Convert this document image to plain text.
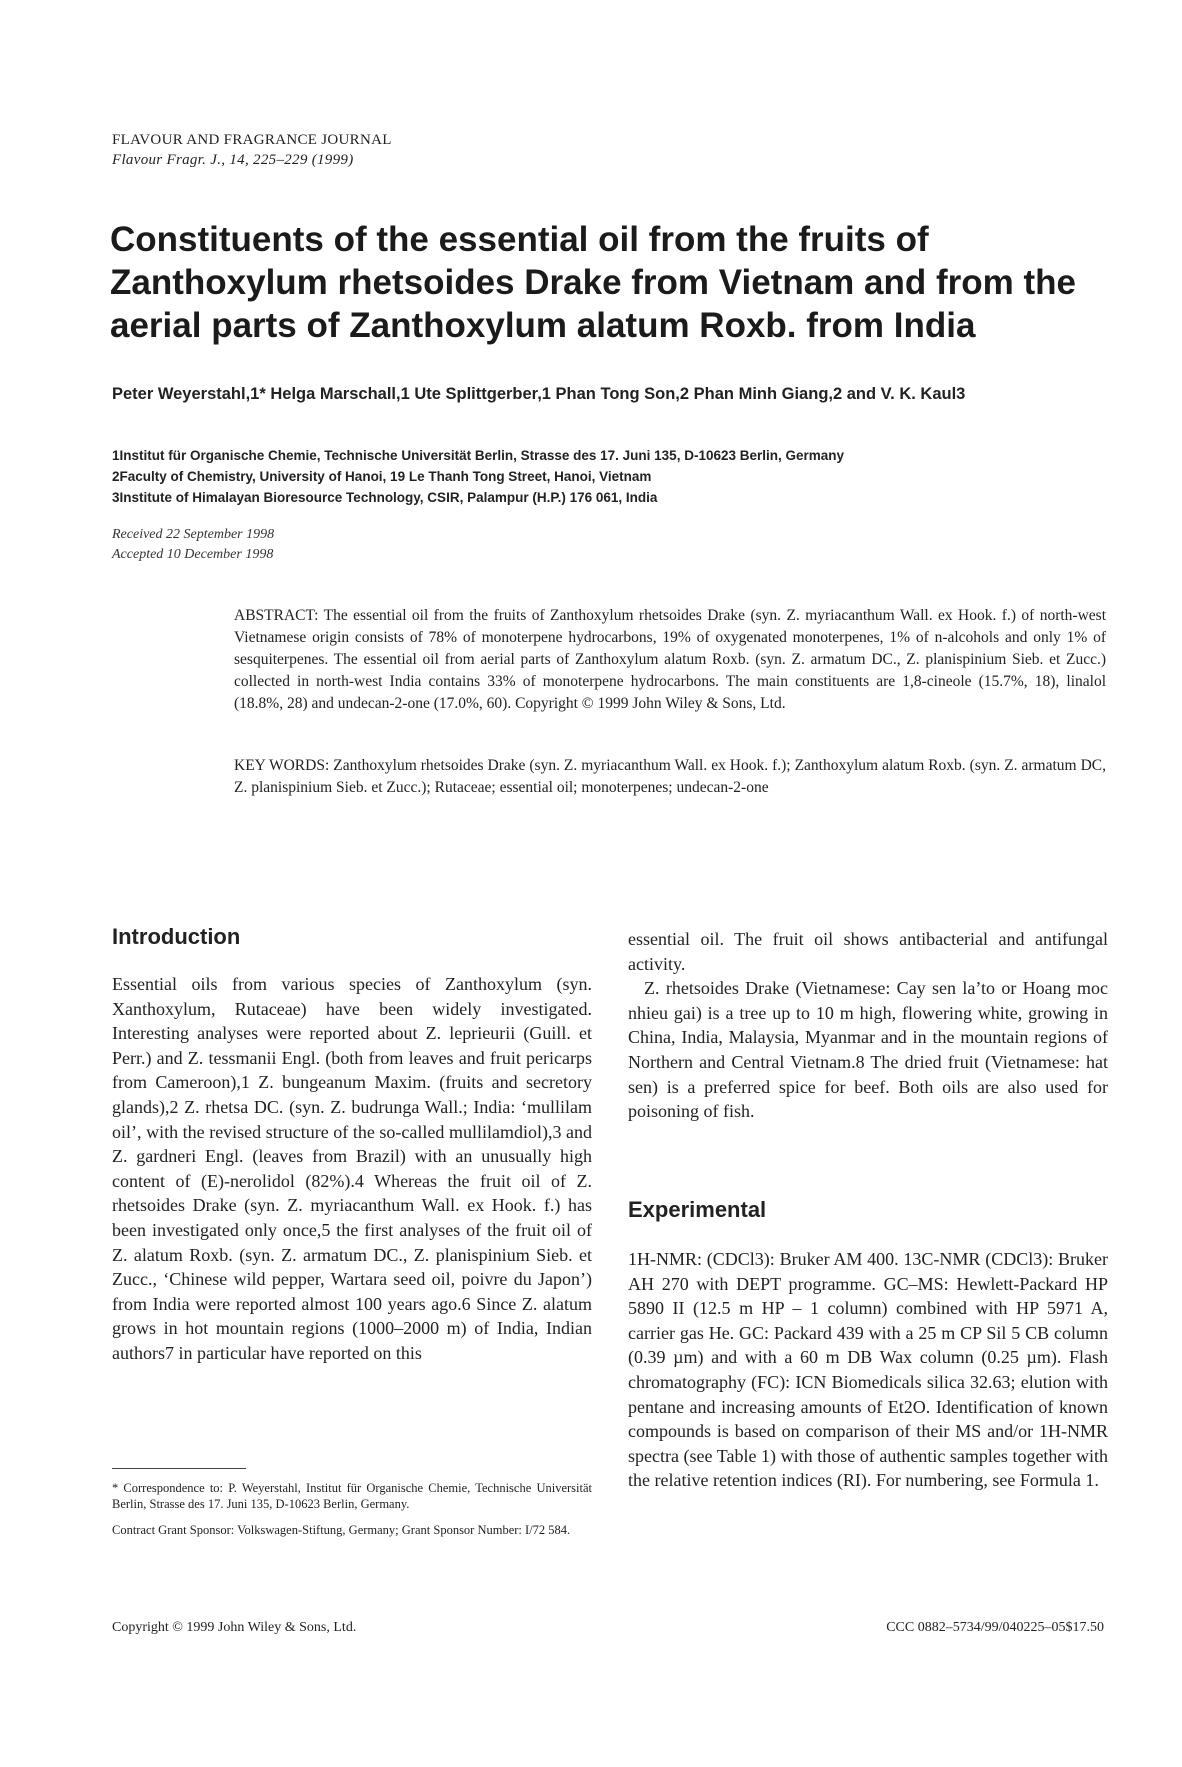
FLAVOUR AND FRAGRANCE JOURNAL
Flavour Fragr. J., 14, 225–229 (1999)
Constituents of the essential oil from the fruits of Zanthoxylum rhetsoides Drake from Vietnam and from the aerial parts of Zanthoxylum alatum Roxb. from India
Peter Weyerstahl,1* Helga Marschall,1 Ute Splittgerber,1 Phan Tong Son,2 Phan Minh Giang,2 and V. K. Kaul3
1Institut für Organische Chemie, Technische Universität Berlin, Strasse des 17. Juni 135, D-10623 Berlin, Germany
2Faculty of Chemistry, University of Hanoi, 19 Le Thanh Tong Street, Hanoi, Vietnam
3Institute of Himalayan Bioresource Technology, CSIR, Palampur (H.P.) 176 061, India
Received 22 September 1998
Accepted 10 December 1998
ABSTRACT: The essential oil from the fruits of Zanthoxylum rhetsoides Drake (syn. Z. myriacanthum Wall. ex Hook. f.) of north-west Vietnamese origin consists of 78% of monoterpene hydrocarbons, 19% of oxygenated monoterpenes, 1% of n-alcohols and only 1% of sesquiterpenes. The essential oil from aerial parts of Zanthoxylum alatum Roxb. (syn. Z. armatum DC., Z. planispinium Sieb. et Zucc.) collected in north-west India contains 33% of monoterpene hydrocarbons. The main constituents are 1,8-cineole (15.7%, 18), linalol (18.8%, 28) and undecan-2-one (17.0%, 60). Copyright © 1999 John Wiley & Sons, Ltd.
KEY WORDS: Zanthoxylum rhetsoides Drake (syn. Z. myriacanthum Wall. ex Hook. f.); Zanthoxylum alatum Roxb. (syn. Z. armatum DC, Z. planispinium Sieb. et Zucc.); Rutaceae; essential oil; monoterpenes; undecan-2-one
Introduction

Essential oils from various species of Zanthoxylum (syn. Xanthoxylum, Rutaceae) have been widely investigated. Interesting analyses were reported about Z. leprieurii (Guill. et Perr.) and Z. tessmanii Engl. (both from leaves and fruit pericarps from Cameroon),1 Z. bungeanum Maxim. (fruits and secretory glands),2 Z. rhetsa DC. (syn. Z. budrunga Wall.; India: ‘mullilam oil’, with the revised structure of the so-called mullilamdiol),3 and Z. gardneri Engl. (leaves from Brazil) with an unusually high content of (E)-nerolidol (82%).4 Whereas the fruit oil of Z. rhetsoides Drake (syn. Z. myriacanthum Wall. ex Hook. f.) has been investigated only once,5 the first analyses of the fruit oil of Z. alatum Roxb. (syn. Z. armatum DC., Z. planispinium Sieb. et Zucc., ‘Chinese wild pepper, Wartara seed oil, poivre du Japon’) from India were reported almost 100 years ago.6 Since Z. alatum grows in hot mountain regions (1000–2000 m) of India, Indian authors7 in particular have reported on this

essential oil. The fruit oil shows antibacterial and antifungal activity.

Z. rhetsoides Drake (Vietnamese: Cay sen la’to or Hoang moc nhieu gai) is a tree up to 10 m high, flowering white, growing in China, India, Malaysia, Myanmar and in the mountain regions of Northern and Central Vietnam.8 The dried fruit (Vietnamese: hat sen) is a preferred spice for beef. Both oils are also used for poisoning of fish.

Experimental

1H-NMR: (CDCl3): Bruker AM 400. 13C-NMR (CDCl3): Bruker AH 270 with DEPT programme. GC–MS: Hewlett-Packard HP 5890 II (12.5 m HP – 1 column) combined with HP 5971 A, carrier gas He. GC: Packard 439 with a 25 m CP Sil 5 CB column (0.39 µm) and with a 60 m DB Wax column (0.25 µm). Flash chromatography (FC): ICN Biomedicals silica 32.63; elution with pentane and increasing amounts of Et2O. Identification of known compounds is based on comparison of their MS and/or 1H-NMR spectra (see Table 1) with those of authentic samples together with the relative retention indices (RI). For numbering, see Formula 1.

* Correspondence to: P. Weyerstahl, Institut für Organische Chemie, Technische Universität Berlin, Strasse des 17. Juni 135, D-10623 Berlin, Germany.
Contract Grant Sponsor: Volkswagen-Stiftung, Germany; Grant Sponsor Number: I/72 584.
Copyright © 1999 John Wiley & Sons, Ltd.	CCC 0882–5734/99/040225–05$17.50
